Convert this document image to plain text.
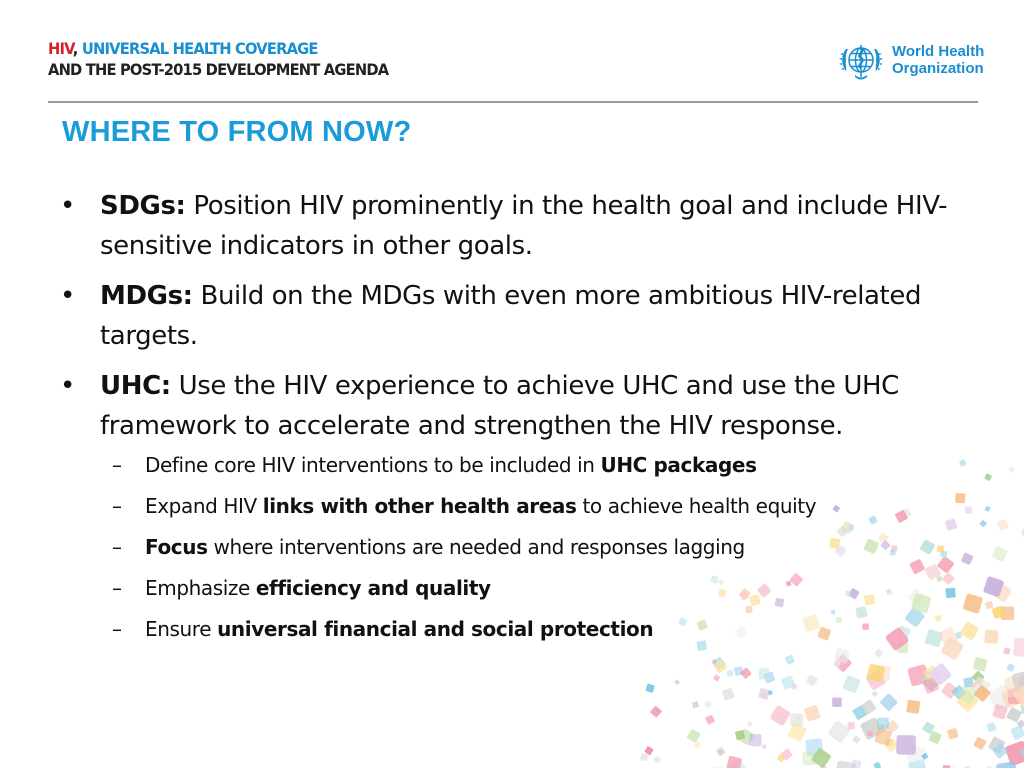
HIV, UNIVERSAL HEALTH COVERAGE
AND THE POST-2015 DEVELOPMENT AGENDA
World Health
Organization
WHERE TO FROM NOW?
• SDGs: Position HIV prominently in the health goal and include HIV-sensitive indicators in other goals.
• MDGs: Build on the MDGs with even more ambitious HIV-related targets.
• UHC: Use the HIV experience to achieve UHC and use the UHC framework to accelerate and strengthen the HIV response.
– Define core HIV interventions to be included in UHC packages
– Expand HIV links with other health areas to achieve health equity
– Focus where interventions are needed and responses lagging
– Emphasize efficiency and quality
– Ensure universal financial and social protection
